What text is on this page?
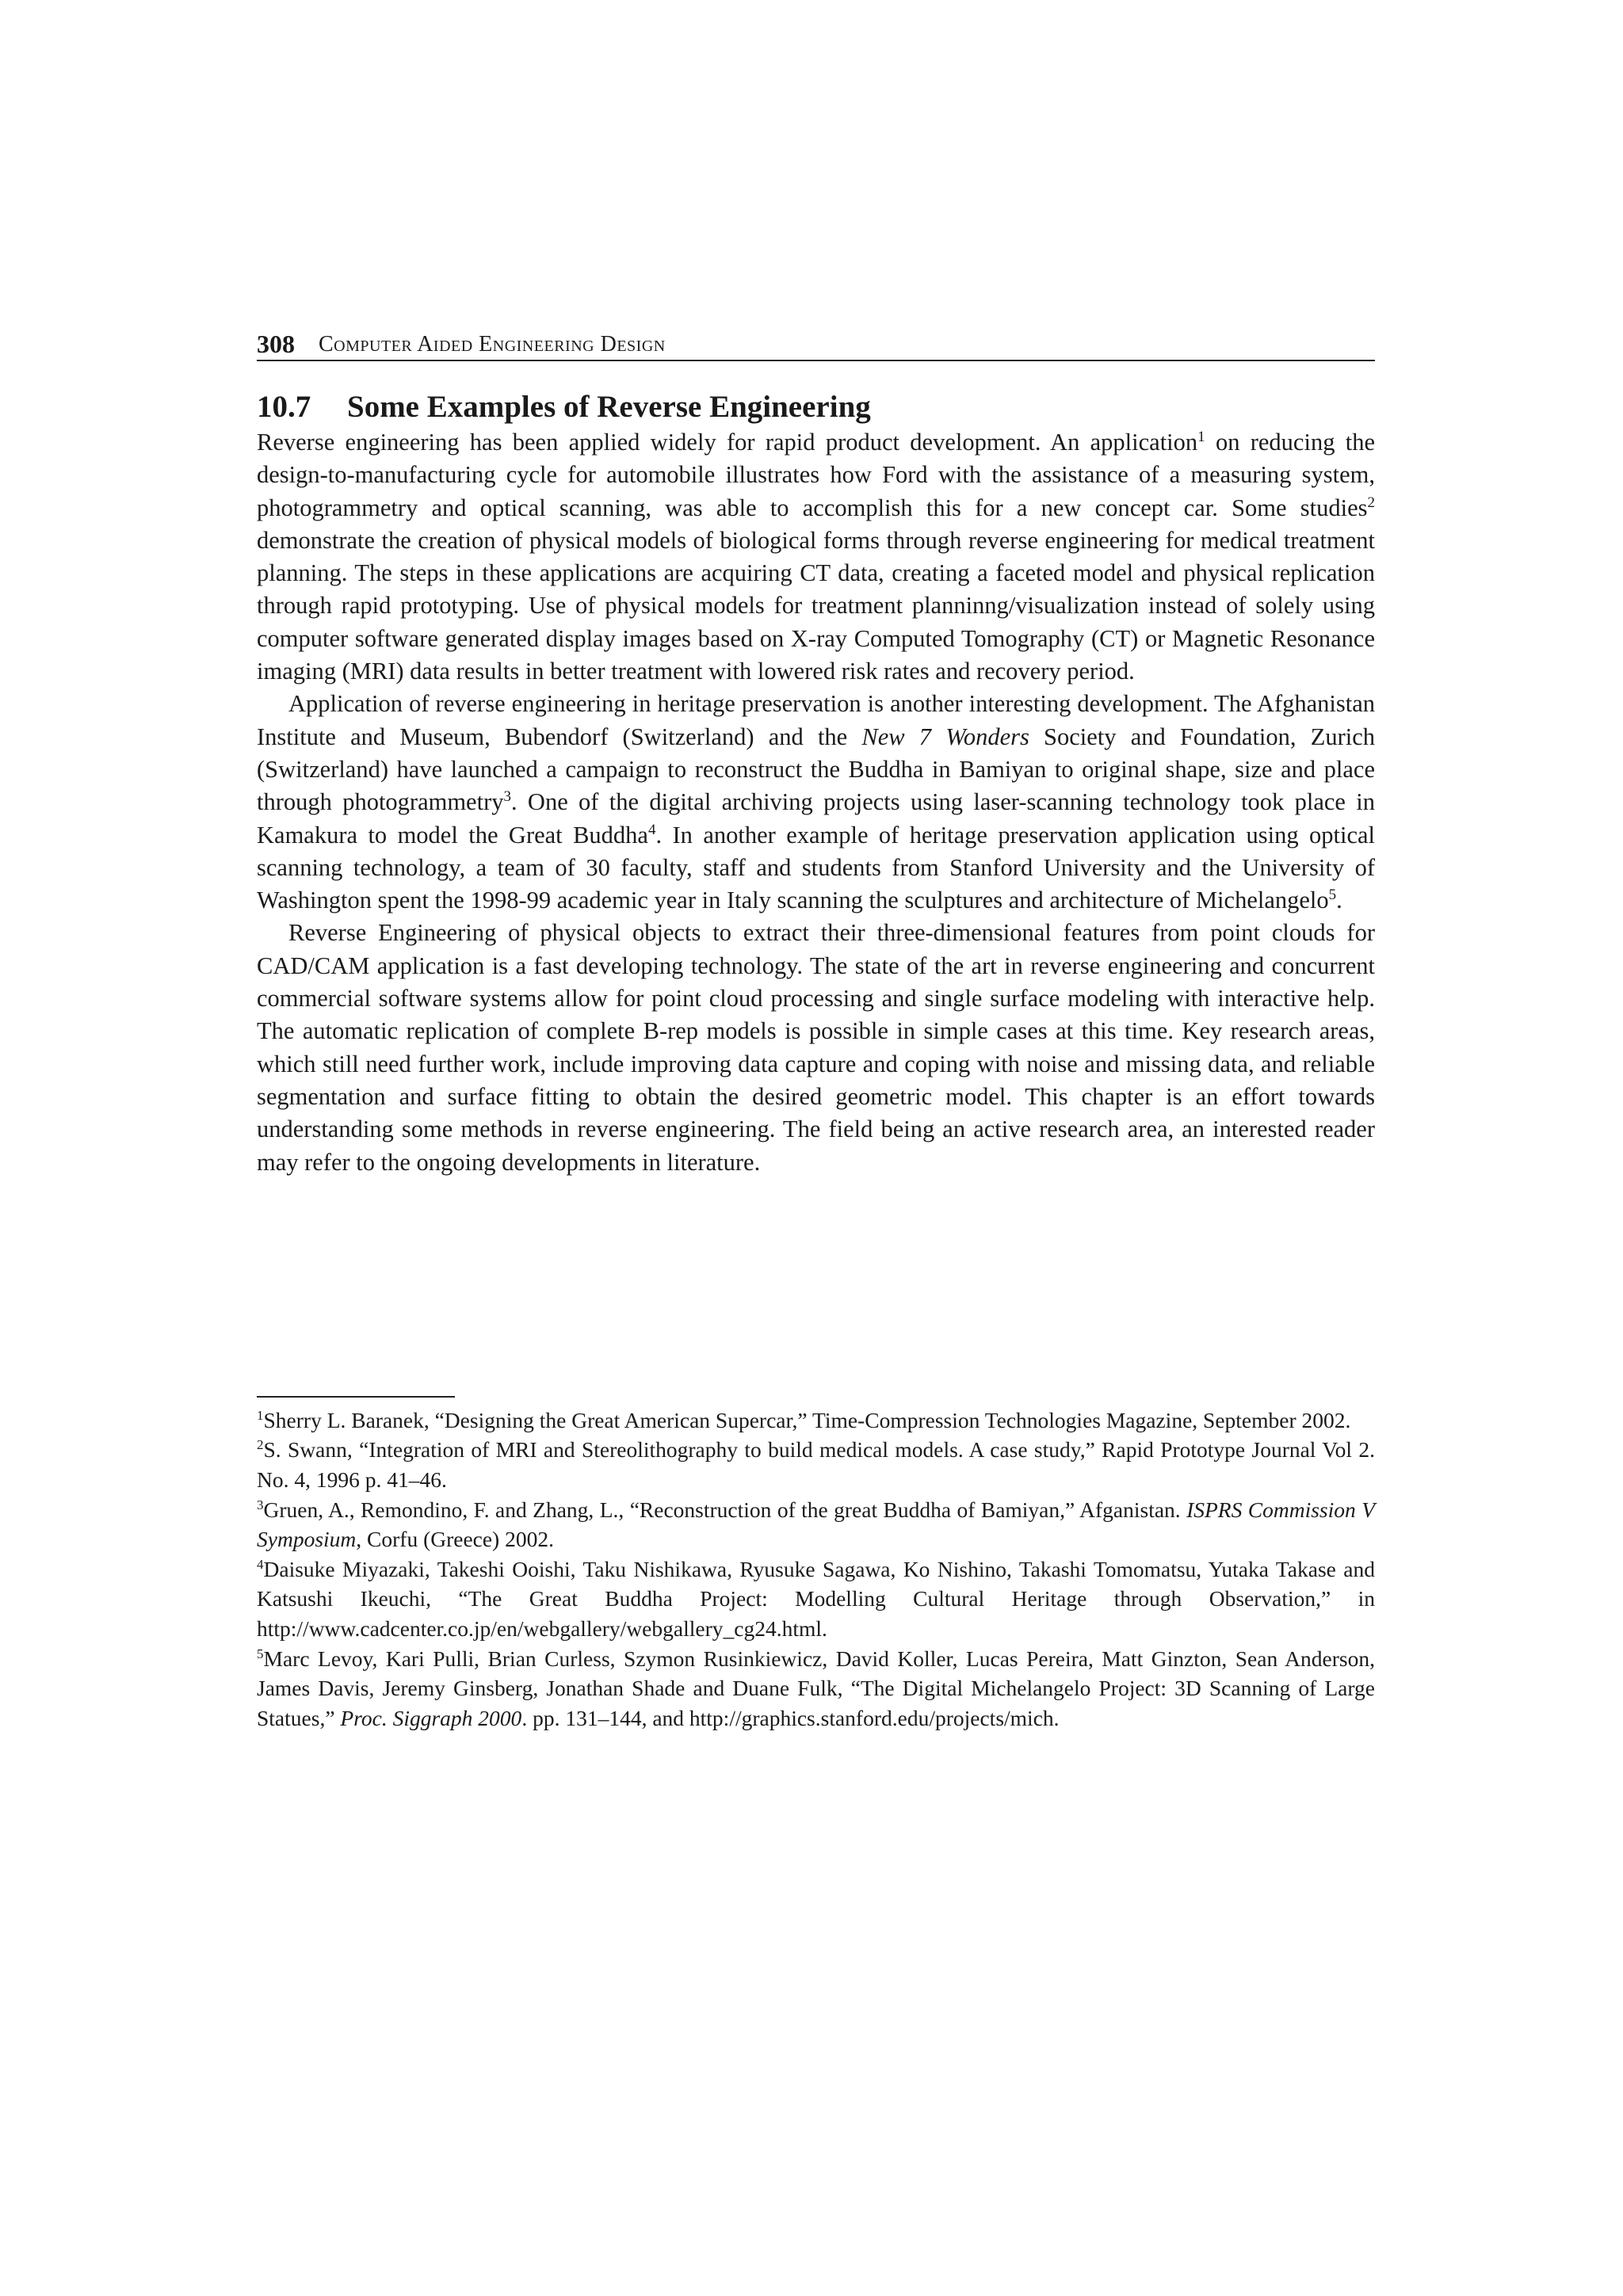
308 Computer Aided Engineering Design
10.7	Some Examples of Reverse Engineering

Reverse engineering has been applied widely for rapid product development. An application$^1$ on reducing the design-to-manufacturing cycle for automobile illustrates how Ford with the assistance of a measuring system, photogrammetry and optical scanning, was able to accomplish this for a new concept car. Some studies$^2$ demonstrate the creation of physical models of biological forms through reverse engineering for medical treatment planning. The steps in these applications are acquiring CT data, creating a faceted model and physical replication through rapid prototyping. Use of physical models for treatment planninng/visualization instead of solely using computer software generated display images based on X-ray Computed Tomography (CT) or Magnetic Resonance imaging (MRI) data results in better treatment with lowered risk rates and recovery period.

Application of reverse engineering in heritage preservation is another interesting development. The Afghanistan Institute and Museum, Bubendorf (Switzerland) and the New 7 Wonders Society and Foundation, Zurich (Switzerland) have launched a campaign to reconstruct the Buddha in Bamiyan to original shape, size and place through photogrammetry$^3$. One of the digital archiving projects using laser-scanning technology took place in Kamakura to model the Great Buddha$^4$. In another example of heritage preservation application using optical scanning technology, a team of 30 faculty, staff and students from Stanford University and the University of Washington spent the 1998-99 academic year in Italy scanning the sculptures and architecture of Michelangelo$^5$.

Reverse Engineering of physical objects to extract their three-dimensional features from point clouds for CAD/CAM application is a fast developing technology. The state of the art in reverse engineering and concurrent commercial software systems allow for point cloud processing and single surface modeling with interactive help. The automatic replication of complete B-rep models is possible in simple cases at this time. Key research areas, which still need further work, include improving data capture and coping with noise and missing data, and reliable segmentation and surface fitting to obtain the desired geometric model. This chapter is an effort towards understanding some methods in reverse engineering. The field being an active research area, an interested reader may refer to the ongoing developments in literature.

$^1$Sherry L. Baranek, “Designing the Great American Supercar,” Time-Compression Technologies Magazine, September 2002.

$^2$S. Swann, “Integration of MRI and Stereolithography to build medical models. A case study,” Rapid Prototype Journal Vol 2. No. 4, 1996 p. 41–46.

$^3$Gruen, A., Remondino, F. and Zhang, L., “Reconstruction of the great Buddha of Bamiyan,” Afganistan. ISPRS Commission V Symposium, Corfu (Greece) 2002.

$^4$Daisuke Miyazaki, Takeshi Ooishi, Taku Nishikawa, Ryusuke Sagawa, Ko Nishino, Takashi Tomomatsu, Yutaka Takase and Katsushi Ikeuchi, “The Great Buddha Project: Modelling Cultural Heritage through Observation,” in http://www.cadcenter.co.jp/en/webgallery/webgallery_cg24.html.

$^5$Marc Levoy, Kari Pulli, Brian Curless, Szymon Rusinkiewicz, David Koller, Lucas Pereira, Matt Ginzton, Sean Anderson, James Davis, Jeremy Ginsberg, Jonathan Shade and Duane Fulk, “The Digital Michelangelo Project: 3D Scanning of Large Statues,” Proc. Siggraph 2000. pp. 131–144, and http://graphics.stanford.edu/projects/mich.
